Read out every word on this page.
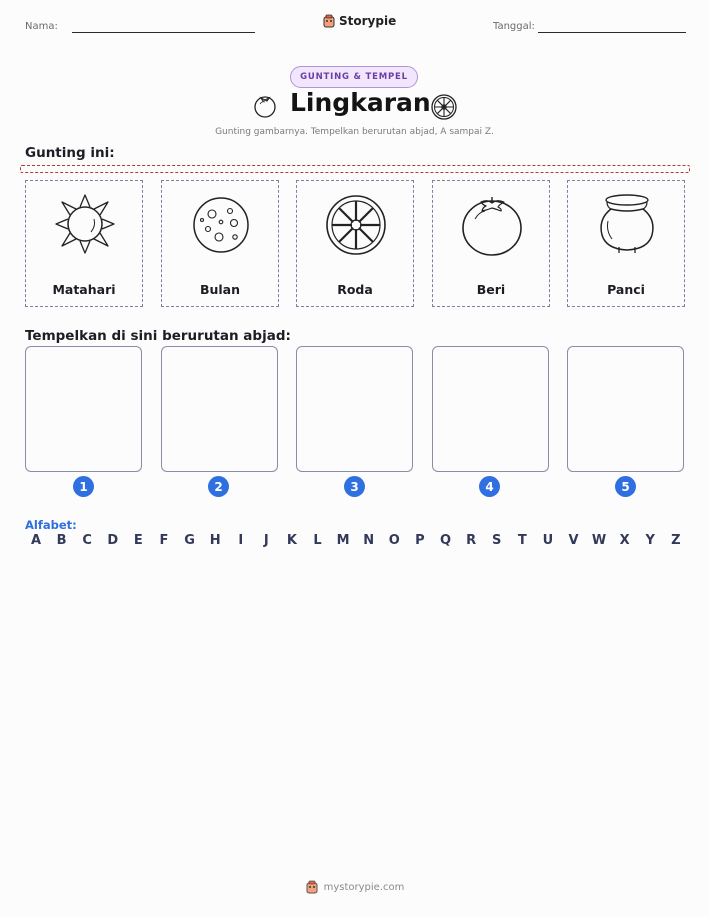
Nama:	Storypie	Tanggal:
GUNTING & TEMPEL
Lingkaran
Gunting gambarnya. Tempelkan berurutan abjad, A sampai Z.
Gunting ini:
Matahari	Bulan	Roda	Beri	Panci
Tempelkan di sini berurutan abjad:
1	2	3	4	5
Alfabet:
A	B	C	D	E	F	G H	I	J	K	L	M N O	P	Q	R	S	T	U	V	W	X	Y	Z
mystorypie.com
